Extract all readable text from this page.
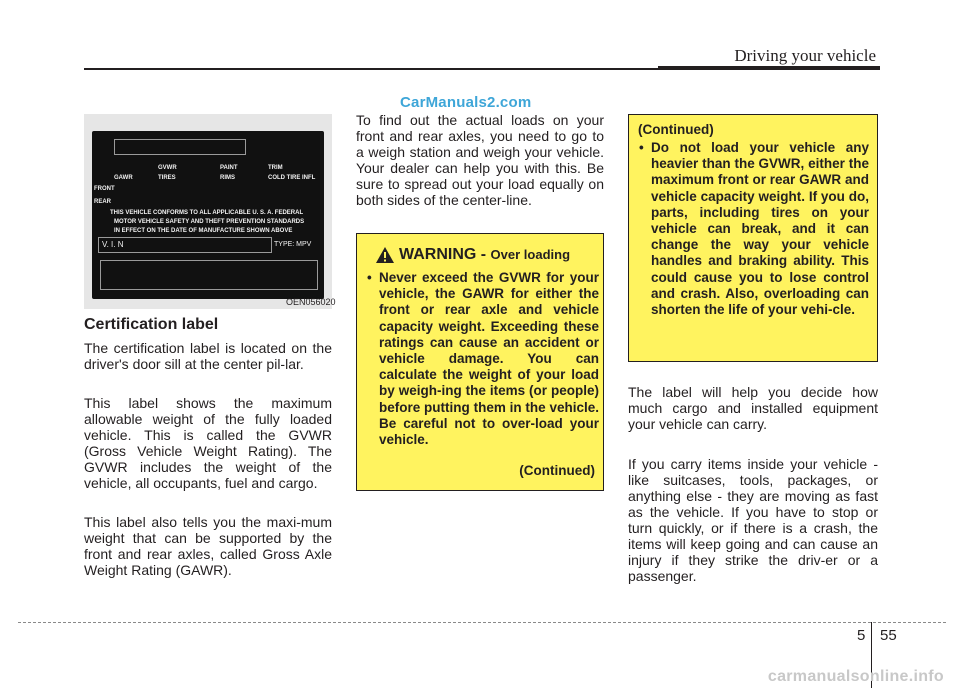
Driving your vehicle
CarManuals2.com
GVWR	PAINT	TRIM
GAWR	TIRES	RIMS	COLD TIRE INFL
FRONT
REAR
THIS VEHICLE CONFORMS TO ALL APPLICABLE U. S. A. FEDERAL
MOTOR VEHICLE SAFETY AND THEFT PREVENTION STANDARDS
IN EFFECT ON THE DATE OF MANUFACTURE SHOWN ABOVE
V. I. N	TYPE: MPV
OEN056020
Certification label
The certification label is located on the driver's door sill at the center pil-lar.
This label shows the maximum allowable weight of the fully loaded vehicle. This is called the GVWR (Gross Vehicle Weight Rating). The GVWR includes the weight of the vehicle, all occupants, fuel and cargo.
This label also tells you the maxi-mum weight that can be supported by the front and rear axles, called Gross Axle Weight Rating (GAWR).
To find out the actual loads on your front and rear axles, you need to go to a weigh station and weigh your vehicle. Your dealer can help you with this. Be sure to spread out your load equally on both sides of the center-line.
WARNING - Over loading
• Never exceed the GVWR for your vehicle, the GAWR for either the front or rear axle and vehicle capacity weight. Exceeding these ratings can cause an accident or vehicle damage. You can calculate the weight of your load by weigh-ing the items (or people) before putting them in the vehicle. Be careful not to over-load your vehicle.
(Continued)
(Continued)
• Do not load your vehicle any heavier than the GVWR, either the maximum front or rear GAWR and vehicle capacity weight. If you do, parts, including tires on your vehicle can break, and it can change the way your vehicle handles and braking ability. This could cause you to lose control and crash. Also, overloading can shorten the life of your vehi-cle.
The label will help you decide how much cargo and installed equipment your vehicle can carry.
If you carry items inside your vehicle - like suitcases, tools, packages, or anything else - they are moving as fast as the vehicle. If you have to stop or turn quickly, or if there is a crash, the items will keep going and can cause an injury if they strike the driv-er or a passenger.
5 55
carmanualsonline.info
